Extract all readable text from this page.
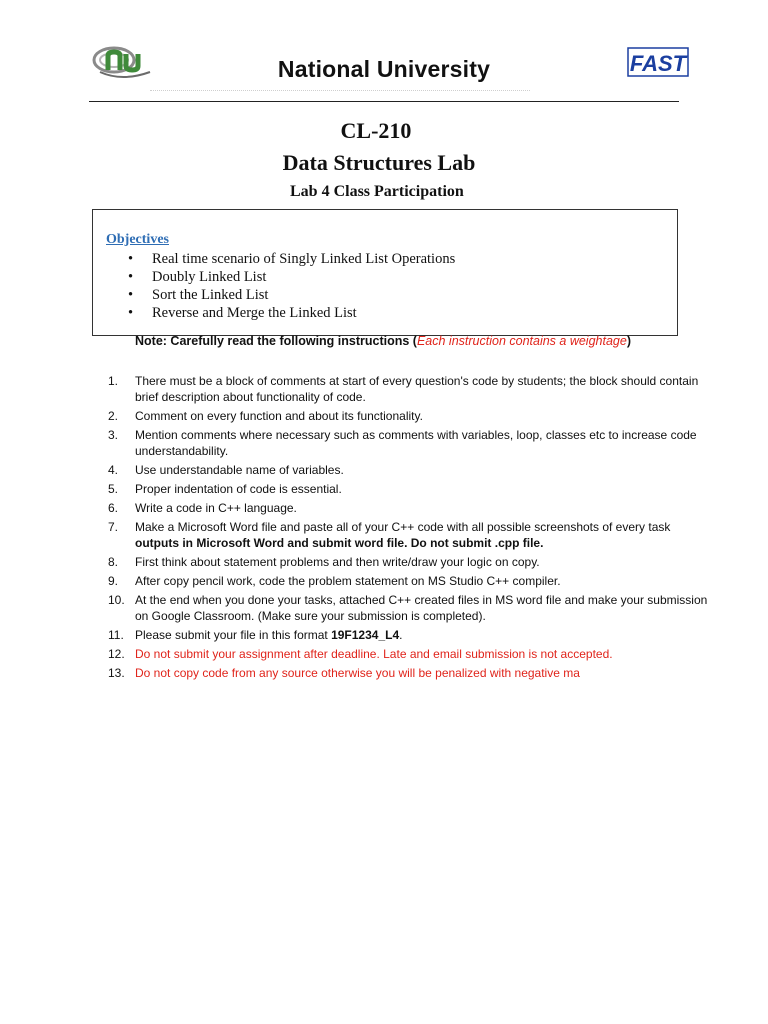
National University	FAST
CL-210
Data Structures Lab
Lab 4 Class Participation
Objectives
• Real time scenario of Singly Linked List Operations
• Doubly Linked List
• Sort the Linked List
• Reverse and Merge the Linked List
Note: Carefully read the following instructions (Each instruction contains a weightage)
1. There must be a block of comments at start of every question's code by students; the block should contain brief description about functionality of code.
2. Comment on every function and about its functionality.
3. Mention comments where necessary such as comments with variables, loop, classes etc to increase code understandability.
4. Use understandable name of variables.
5. Proper indentation of code is essential.
6. Write a code in C++ language.
7. Make a Microsoft Word file and paste all of your C++ code with all possible screenshots of every task outputs in Microsoft Word and submit word file. Do not submit .cpp file.
8. First think about statement problems and then write/draw your logic on copy.
9. After copy pencil work, code the problem statement on MS Studio C++ compiler.
10. At the end when you done your tasks, attached C++ created files in MS word file and make your submission on Google Classroom. (Make sure your submission is completed).
11. Please submit your file in this format 19F1234_L4.
12. Do not submit your assignment after deadline. Late and email submission is not accepted.
13. Do not copy code from any source otherwise you will be penalized with negative ma
